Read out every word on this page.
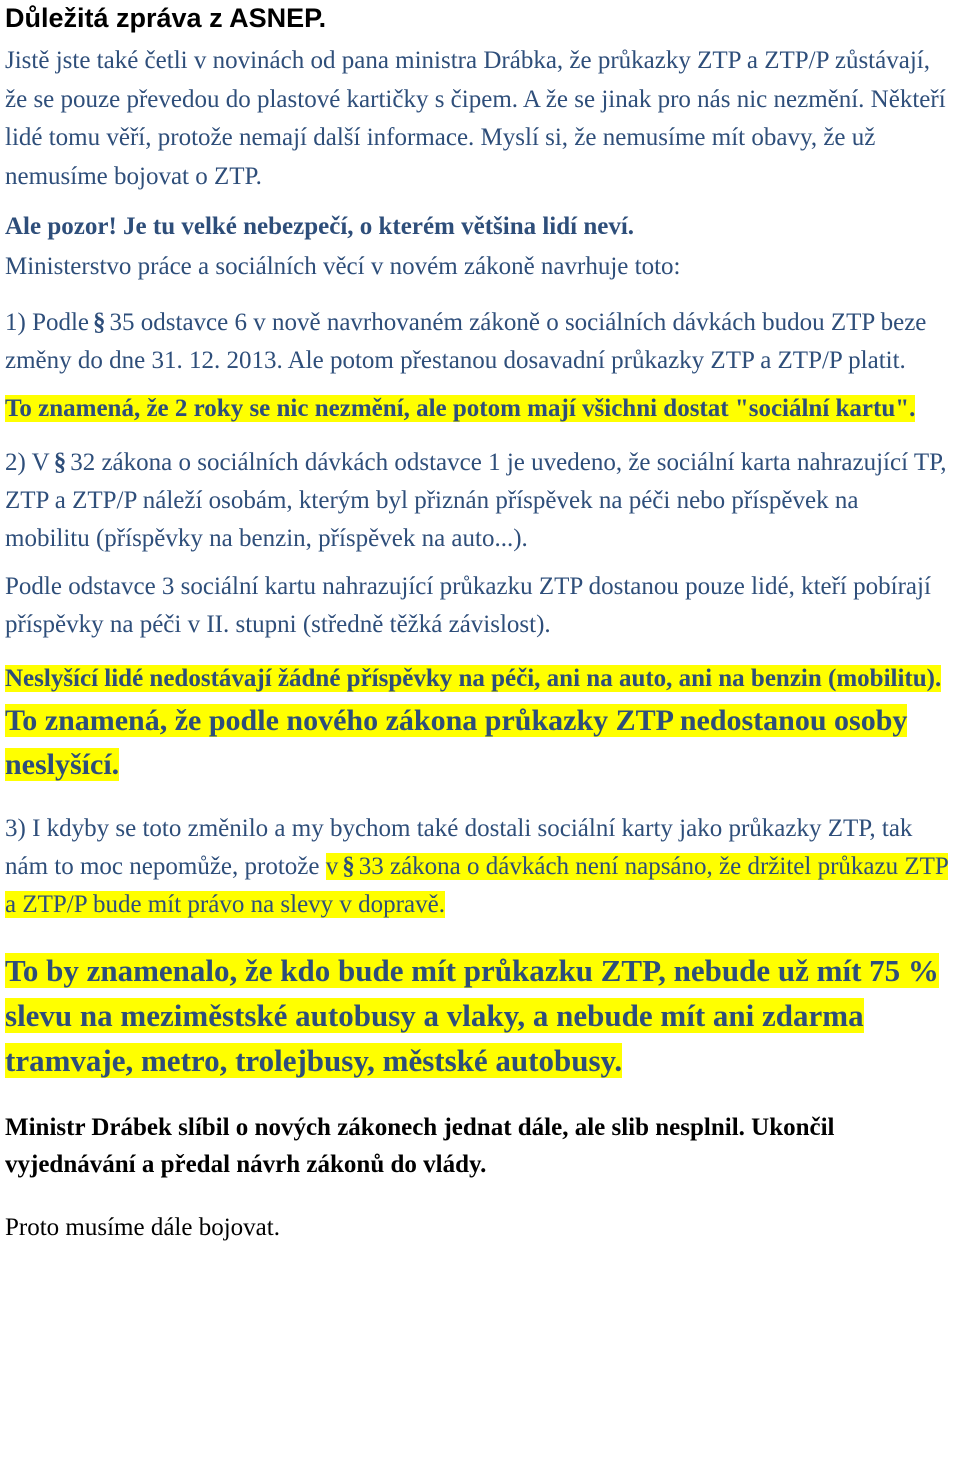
Důležitá zpráva z ASNEP.

Jistě jste také četli v novinách od pana ministra Drábka, že průkazky ZTP a ZTP/P zůstávají, že se pouze převedou do plastové kartičky s čipem. A že se jinak pro nás nic nezmění. Někteří lidé tomu věří, protože nemají další informace. Myslí si, že nemusíme mít obavy, že už nemusíme bojovat o ZTP.

Ale pozor! Je tu velké nebezpečí, o kterém většina lidí neví.

Ministerstvo práce a sociálních věcí v novém zákoně navrhuje toto:

1) Podle § 35 odstavce 6 v nově navrhovaném zákoně o sociálních dávkách budou ZTP beze změny do dne 31. 12. 2013. Ale potom přestanou dosavadní průkazky ZTP a ZTP/P platit.

To znamená, že 2 roky se nic nezmění, ale potom mají všichni dostat "sociální kartu".

2) V § 32 zákona o sociálních dávkách odstavce 1 je uvedeno, že sociální karta nahrazující TP, ZTP a ZTP/P náleží osobám, kterým byl přiznán příspěvek na péči nebo příspěvek na mobilitu (příspěvky na benzin, příspěvek na auto...).

Podle odstavce 3 sociální kartu nahrazující průkazku ZTP dostanou pouze lidé, kteří pobírají příspěvky na péči v II. stupni (středně těžká závislost).

Neslyšící lidé nedostávají žádné příspěvky na péči, ani na auto, ani na benzin (mobilitu). To znamená, že podle nového zákona průkazky ZTP nedostanou osoby neslyšící.

3) I kdyby se toto změnilo a my bychom také dostali sociální karty jako průkazky ZTP, tak nám to moc nepomůže, protože v § 33 zákona o dávkách není napsáno, že držitel průkazu ZTP a ZTP/P bude mít právo na slevy v dopravě.

To by znamenalo, že kdo bude mít průkazku ZTP, nebude už mít 75 % slevu na meziměstské autobusy a vlaky, a nebude mít ani zdarma tramvaje, metro, trolejbusy, městské autobusy.

Ministr Drábek slíbil o nových zákonech jednat dále, ale slib nesplnil. Ukončil vyjednávání a předal návrh zákonů do vlády.

Proto musíme dále bojovat.
